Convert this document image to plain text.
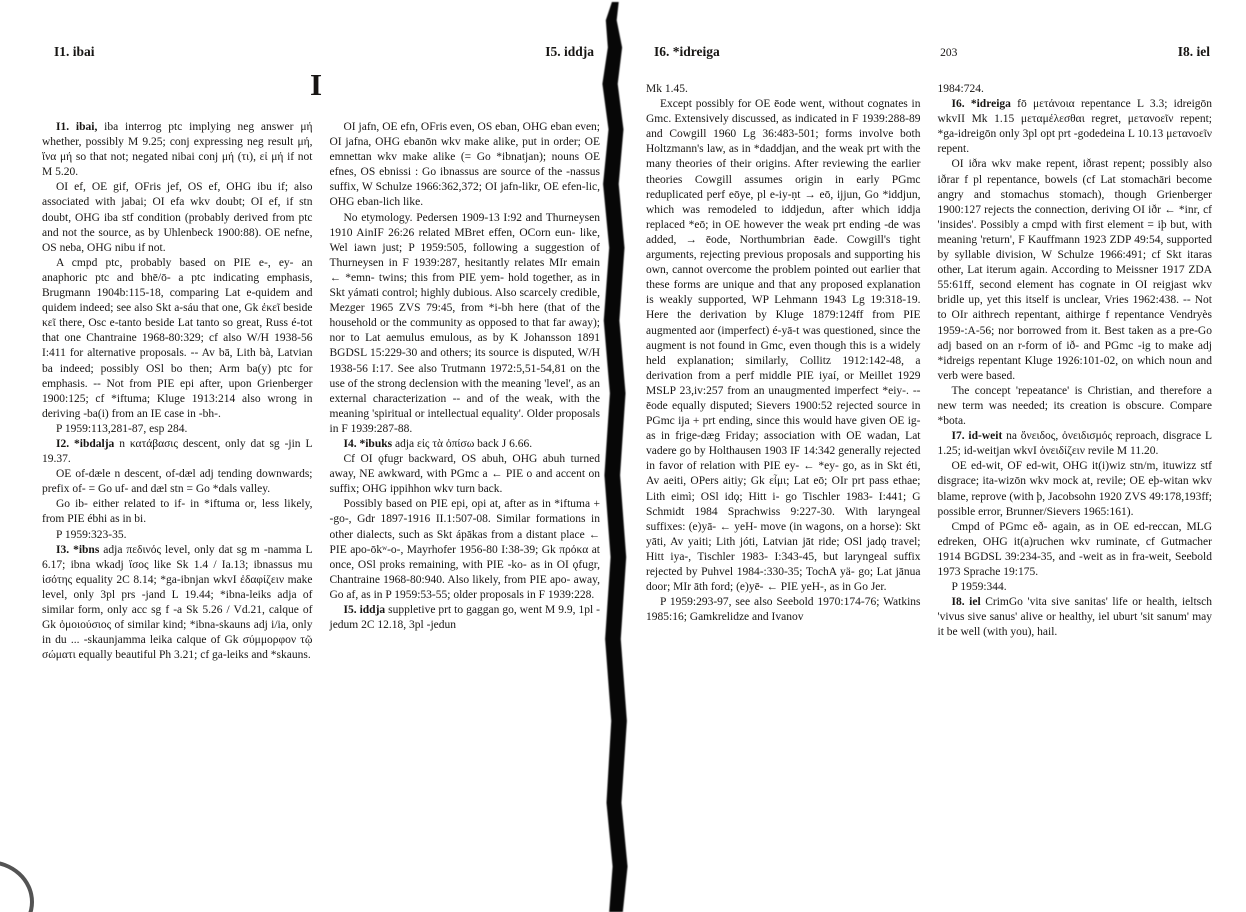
I1. ibai	I5. iddja
I

I1. ibai, iba interrog ptc implying neg answer μή whether, possibly M 9.25; conj expressing neg result μή, ἵνα μή so that not; negated nibai conj μή (τι), εἰ μή if not M 5.20.

OI ef, OE gif, OFris jef, OS ef, OHG ibu if; also associated with jabai; OI efa wkv doubt; OI ef, if stn doubt, OHG iba stf condition (probably derived from ptc and not the source, as by Uhlenbeck 1900:88). OE nefne, OS neba, OHG nibu if not.

A cmpd ptc, probably based on PIE e-, ey- an anaphoric ptc and bhē/ō- a ptc indicating emphasis, Brugmann 1904b:115-18, comparing Lat e-quidem and quidem indeed; see also Skt a-sáu that one, Gk ἐκεῖ beside κεῖ there, Osc e-tanto beside Lat tanto so great, Russ é-tot that one Chantraine 1968-80:329; cf also W/H 1938-56 I:411 for alternative proposals. -- Av bā, Lith bà, Latvian ba indeed; possibly OSl bo then; Arm ba(y) ptc for emphasis. -- Not from PIE epi after, upon Grienberger 1900:125; cf *iftuma; Kluge 1913:214 also wrong in deriving -ba(i) from an IE case in -bh-.

P 1959:113,281-87, esp 284.

I2. *ibdalja n κατάβασις descent, only dat sg -jin L 19.37.

OE of-dæle n descent, of-dæl adj tending downwards; prefix of- = Go uf- and dæl stn = Go *dals valley.

Go ib- either related to if- in *iftuma or, less likely, from PIE ébhi as in bi.

P 1959:323-35.

I3. *ibns adja πεδινός level, only dat sg m -namma L 6.17; ibna wkadj ἴσος like Sk 1.4 / Ia.13; ibnassus mu ἰσότης equality 2C 8.14; *ga-ibnjan wkvI ἐδαφίζειν make level, only 3pl prs -jand L 19.44; *ibna-leiks adja of similar form, only acc sg f -a Sk 5.26 / Vd.21, calque of Gk ὁμοιούσιος of similar kind; *ibna-skauns adj i/ia, only in du ... -skaunjamma leika calque of Gk σύμμορφον τῷ σώματι equally beautiful Ph 3.21; cf ga-leiks and *skauns.

OI jafn, OE efn, OFris even, OS eban, OHG eban even; OI jafna, OHG ebanōn wkv make alike, put in order; OE emnettan wkv make alike (= Go *ibnatjan); nouns OE efnes, OS ebnissi : Go ibnassus are source of the -nassus suffix, W Schulze 1966:362,372; OI jafn-likr, OE efen-lic, OHG eban-lich like.

No etymology. Pedersen 1909-13 I:92 and Thurneysen 1910 AinIF 26:26 related MBret effen, OCorn eun- like, Wel iawn just; P 1959:505, following a suggestion of Thurneysen in F 1939:287, hesitantly relates MIr emain ← *emn- twins; this from PIE yem- hold together, as in Skt yámati control; highly dubious. Also scarcely credible, Mezger 1965 ZVS 79:45, from *i-bh here (that of the household or the community as opposed to that far away); nor to Lat aemulus emulous, as by K Johansson 1891 BGDSL 15:229-30 and others; its source is disputed, W/H 1938-56 I:17. See also Trutmann 1972:5,51-54,81 on the use of the strong declension with the meaning 'level', as an external characterization -- and of the weak, with the meaning 'spiritual or intellectual equality'. Older proposals in F 1939:287-88.

I4. *ibuks adja εἰς τὰ ὀπίσω back J 6.66.

Cf OI ǫfugr backward, OS abuh, OHG abuh turned away, NE awkward, with PGmc a ← PIE o and accent on suffix; OHG ippihhon wkv turn back.

Possibly based on PIE epi, opi at, after as in *iftuma + -go-, Gdr 1897-1916 II.1:507-08. Similar formations in other dialects, such as Skt ápākas from a distant place ← PIE apo-ōkʷ-o-, Mayrhofer 1956-80 I:38-39; Gk πρόκα at once, OSl proks remaining, with PIE -ko- as in OI ǫfugr, Chantraine 1968-80:940. Also likely, from PIE apo- away, Go af, as in P 1959:53-55; older proposals in F 1939:228.

I5. iddja suppletive prt to gaggan go, went M 9.9, 1pl -jedum 2C 12.18, 3pl -jedun

I6. *idreiga	203	I8. iel

Mk 1.45.

Except possibly for OE ēode went, without cognates in Gmc. Extensively discussed, as indicated in F 1939:288-89 and Cowgill 1960 Lg 36:483-501; forms involve both Holtzmann's law, as in *daddjan, and the weak prt with the many theories of their origins. After reviewing the earlier theories Cowgill assumes origin in early PGmc reduplicated perf eōye, pl e-iy-ṇt → eō, ijjun, Go *iddjun, which was remodeled to iddjedun, after which iddja replaced *eō; in OE however the weak prt ending -de was added, → ēode, Northumbrian ēade. Cowgill's tight arguments, rejecting previous proposals and supporting his own, cannot overcome the problem pointed out earlier that these forms are unique and that any proposed explanation is weakly supported, WP Lehmann 1943 Lg 19:318-19. Here the derivation by Kluge 1879:124ff from PIE augmented aor (imperfect) é-yā-t was questioned, since the augment is not found in Gmc, even though this is a widely held explanation; similarly, Collitz 1912:142-48, a derivation from a perf middle PIE iyaí, or Meillet 1929 MSLP 23,iv:257 from an unaugmented imperfect *eiy-. -- ēode equally disputed; Sievers 1900:52 rejected source in PGmc ija + prt ending, since this would have given OE ig- as in frige-dæg Friday; association with OE wadan, Lat vadere go by Holthausen 1903 IF 14:342 generally rejected in favor of relation with PIE ey- ← *ey- go, as in Skt éti, Av aeiti, OPers aitiy; Gk εἶμι; Lat eō; OIr prt pass ethae; Lith eimì; OSl idǫ; Hitt i- go Tischler 1983- I:441; G Schmidt 1984 Sprachwiss 9:227-30. With laryngeal suffixes: (e)yā- ← yeH- move (in wagons, on a horse): Skt yāti, Av yaiti; Lith jóti, Latvian jāt ride; OSl jadǫ travel; Hitt iya-, Tischler 1983- I:343-45, but laryngeal suffix rejected by Puhvel 1984-:330-35; TochA yä- go; Lat jānua door; MIr āth ford; (e)yē- ← PIE yeH-, as in Go Jer.

P 1959:293-97, see also Seebold 1970:174-76; Watkins 1985:16; Gamkrelidze and Ivanov

1984:724.

I6. *idreiga fō μετάνοια repentance L 3.3; idreigōn wkvII Mk 1.15 μεταμέλεσθαι regret, μετανοεῖν repent; *ga-idreigōn only 3pl opt prt -godedeina L 10.13 μετανοεῖν repent.

OI iðra wkv make repent, iðrast repent; possibly also iðrar f pl repentance, bowels (cf Lat stomachāri become angry and stomachus stomach), though Grienberger 1900:127 rejects the connection, deriving OI iðr ← *inr, cf 'insides'. Possibly a cmpd with first element = iþ but, with meaning 'return', F Kauffmann 1923 ZDP 49:54, supported by syllable division, W Schulze 1966:491; cf Skt itaras other, Lat iterum again. According to Meissner 1917 ZDA 55:61ff, second element has cognate in OI reigjast wkv bridle up, yet this itself is unclear, Vries 1962:438. -- Not to OIr aithrech repentant, aithirge f repentance Vendryès 1959-:A-56; nor borrowed from it. Best taken as a pre-Go adj based on an r-form of ið- and PGmc -ig to make adj *idreigs repentant Kluge 1926:101-02, on which noun and verb were based.

The concept 'repeatance' is Christian, and therefore a new term was needed; its creation is obscure. Compare *bota.

I7. id-weit na ὄνειδος, ὀνειδισμός reproach, disgrace L 1.25; id-weitjan wkvI ὀνειδίζειν revile M 11.20.

OE ed-wit, OF ed-wit, OHG it(i)wiz stn/m, ituwizz stf disgrace; ita-wizōn wkv mock at, revile; OE eþ-witan wkv blame, reprove (with þ, Jacobsohn 1920 ZVS 49:178,193ff; possible error, Brunner/Sievers 1965:161).

Cmpd of PGmc eð- again, as in OE ed-reccan, MLG edreken, OHG it(a)ruchen wkv ruminate, cf Gutmacher 1914 BGDSL 39:234-35, and -weit as in fra-weit, Seebold 1973 Sprache 19:175.

P 1959:344.

I8. iel CrimGo 'vita sive sanitas' life or health, ieltsch 'vivus sive sanus' alive or healthy, iel uburt 'sit sanum' may it be well (with you), hail.
